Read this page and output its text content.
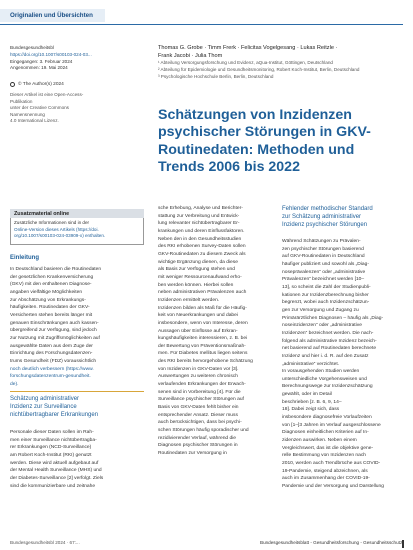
Originalien und Übersichten
Bundesgesundheitsbl
https://doi.org/10.1007/s00103-024-03...
Eingegangen: 3. Februar 2024
Angenommen: 19. Mai 2024
© The Author(s) 2024
Dieser Artikel ist eine Open-Access-Publikation
unter der Creative Commons Namensnennung
4.0 International Lizenz.
Thomas G. Grobe · Timm Frerk · Felicitas Vogelgesang · Lukas Reitzle ·
Frank Jacobi · Julia Thom
¹ Abteilung Versorgungsforschung und Evidenz, aQua-Institut, Göttingen, Deutschland
² Abteilung für Epidemiologie und Gesundheitsmonitoring, Robert Koch-Institut, Berlin, Deutschland
³ Psychologische Hochschule Berlin, Berlin, Deutschland
Schätzungen von Inzidenzen
psychischer Störungen in GKV-
Routinedaten: Methoden und
Trends 2006 bis 2022
Zusatzmaterial online
Zusätzliche Informationen sind in der
Online-Version dieses Artikels (https://doi.
org/10.1007/s00103-024-03909-x) enthalten.
Einleitung
In Deutschland basieren die Routinedaten
der gesetzlichen Krankenversicherung
(GKV) mit den enthaltenen Diagnose-
angaben vielfältige Möglichkeiten
zur Abschätzung von Erkrankungs-
häufigkeiten. Routinedaten der GKV-
Versicherten stehen bereits länger mit
genauen Einschränkungen auch kassen-
übergreifend zur Verfügung, sind jedoch
zur Nutzung mit Zugriffsmöglichkeiten auf
ausgewählte Daten aus dem Zuge der
Einrichtung des Forschungsdatenzen-
trums Gesundheit (FDZ) voraussichtlich
noch deutlich verbessern (https://www.
forschungsdatenzentrum-gesundheit.
de).
Schätzung administrativer
Inzidenz zur Surveillance
nichtübertragbarer Erkrankungen
Personale dieser Daten sollen im Rah-
men einer Surveillance nichtübertragba-
rer Erkrankungen (NCD-Surveillance)
am Robert Koch-Institut (RKI) genutzt
werden. Diese wird aktuell aufgebaut auf
der Mental Health Surveillance (MHS) und
der Diabetes-Surveillance [2] verfolgt. Ziels
sind die kommunizierbare und zeitnahe
sche Erhebung, Analyse und Berichter-
stattung zur Verbreitung und Entwick-
lung relevanter nichtübertragbarer Er-
krankungen und deren Einflussfaktoren.
Neben den in den Gesundheitsstudien
des RKI erhobenen Survey-Daten sollen
GKV-Routinedaten zu diesem Zweck als
wichtige Ergänzung dienen, da diese
als Basis zur Verfügung stehen und
mit weniger Ressourcenaufwand erho-
ben werden können. Hierbei sollen
neben administrativen Prävalenzen auch
Inzidenzen ermittelt werden.
Inzidenzen bilden als Maß für die Häufig-
keit von Neuerkrankungen und dabei
insbesondere, wenn von Interesse, deren
Aussagen über Einflüsse auf Erkran-
kungshäufigkeiten interessieren, z. B. bei
der Bewertung von Präventionsmaßnah-
men. Für Diabetes mellitus liegen seitens
des RKI bereits hervorgehobene Schätzung
von Inzidenzen in GKV-Daten vor [3].
Auswertungen zu weiteren chronisch
verlaufenden Erkrankungen der Erwach-
senen sind in Vorbereitung [4]. Für die
Surveillance psychischer Störungen auf
Basis von GKV-Daten fehlt bisher ein
entsprechender Ansatz. Dieser muss
auch berücksichtigen, dass bei psychi-
schen Störungen häufig sporadischer und
rezidivierender Verlauf, während die
Diagnosen psychischer Störungen in
Routinedaten zur Versorgung in
Fehlender methodischer Standard
zur Schätzung administrativer
Inzidenz psychischer Störungen
Während Schätzungen zu Prävalen-
zen psychischer Störungen basierend
auf GKV-Routinedaten in Deutschland
häufiger publiziert und sowohl als „Diag-
noseprävalenzen“ oder „administrative
Prävalenzen“ bezeichnet werden [10–
13], so scheint die Zahl der Studienpubli-
kationen zur Inzidenzberechnung bisher
begrenzt, wobei auch Inzidenzschätzun-
gen zur Versorgung und Zugang zu
Primärärztlichen Diagnosen – häufig als „Diag-
noseinzidenzen“ oder „administrative
Inzidenzen“ bezeichnet werden. Die nach-
folgend als administrative Inzidenz bezeich-
net basierend auf Routinedaten berechnete
Inzidenz und hier i. d. R. auf den Zusatz
„administrative“ verzichtet.
In vorausgehenden Studien werden
unterschiedliche Vorgehensweisen und
Berechnungswege zur Inzidenzschätzung
gewählt, oder im Detail
beschrieben [z. B. 6, 9, 14–
18]. Dabei zeigt sich, dass
insbesondere diagnosefreie Vorlaufzeiten
von [1–]3 Jahren im Verlauf ausgeschlossene
Diagnosen einheitlichen Kriterien auf In-
zidenzen auswirken. Neben einem
Vergleichswert, das ist die objektive gene-
relle Bestimmung von Inzidenzen nach
2010, werden auch Trendbrüche aus COVID-
19-Pandemie, steigend abzeichnen, als
auch im Zusammenhang der COVID-19-
Pandemie und der Versorgung und Darstellung
Bundesgesundheitsbl 2024 · 67:...	Bundesgesundheitsblatt - Gesundheitsforschung - Gesundheitsschutz
